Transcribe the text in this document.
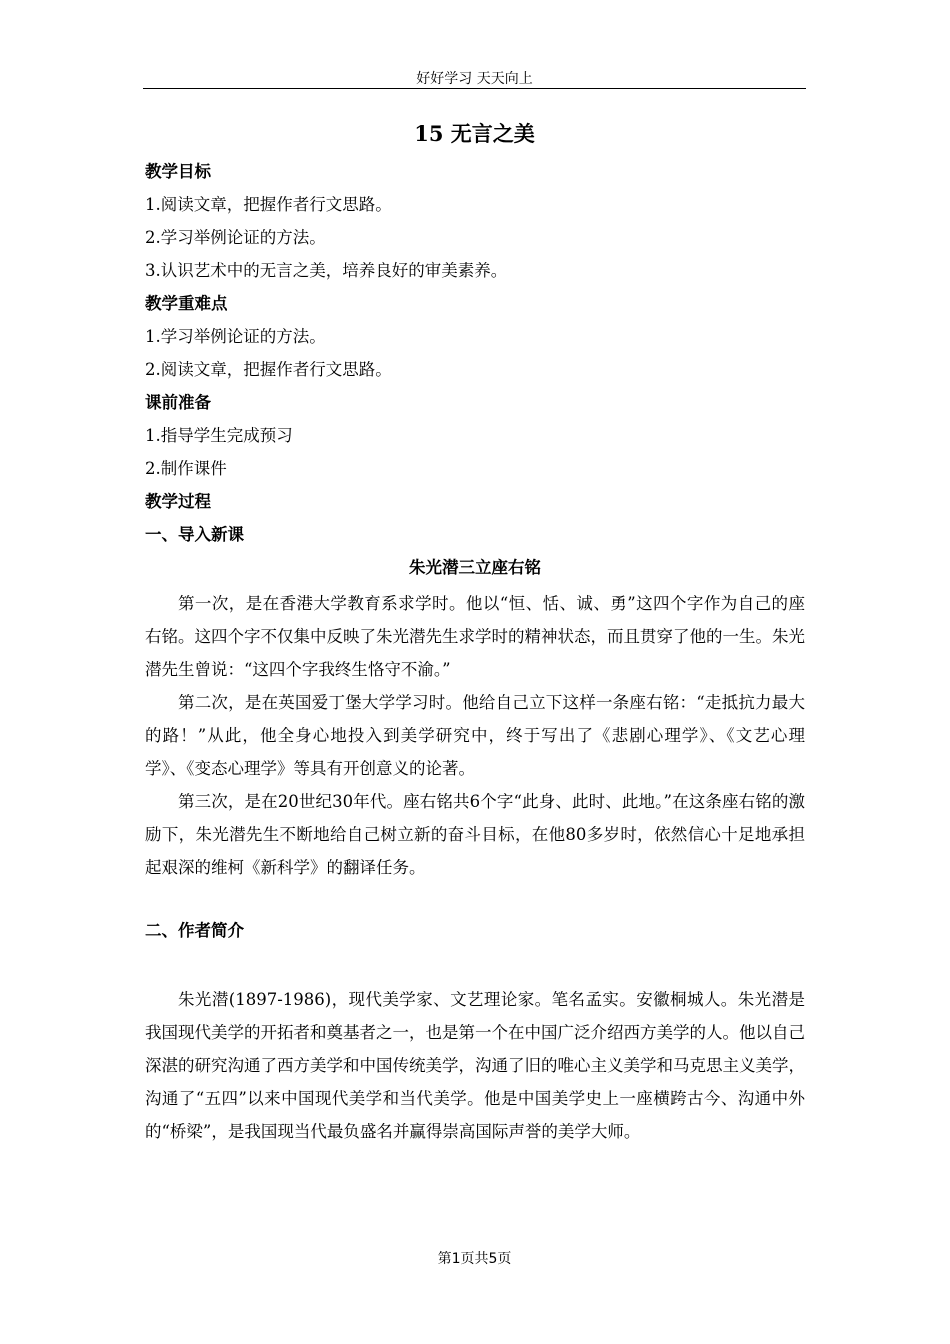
好好学习 天天向上
15 无言之美
教学目标
1.阅读文章，把握作者行文思路。
2.学习举例论证的方法。
3.认识艺术中的无言之美，培养良好的审美素养。
教学重难点
1.学习举例论证的方法。
2.阅读文章，把握作者行文思路。
课前准备
1.指导学生完成预习
2.制作课件
教学过程
一、导入新课
朱光潜三立座右铭

第一次，是在香港大学教育系求学时。他以“恒、恬、诚、勇”这四个字作为自己的座右铭。这四个字不仅集中反映了朱光潜先生求学时的精神状态，而且贯穿了他的一生。朱光潜先生曾说：“这四个字我终生恪守不渝。”

第二次，是在英国爱丁堡大学学习时。他给自己立下这样一条座右铭：“走抵抗力最大的路！”从此，他全身心地投入到美学研究中，终于写出了《悲剧心理学》、《文艺心理学》、《变态心理学》等具有开创意义的论著。

第三次，是在20世纪30年代。座右铭共6个字“此身、此时、此地。”在这条座右铭的激励下，朱光潜先生不断地给自己树立新的奋斗目标，在他80多岁时，依然信心十足地承担起艰深的维柯《新科学》的翻译任务。

二、作者简介

朱光潜(1897-1986)，现代美学家、文艺理论家。笔名孟实。安徽桐城人。朱光潜是我国现代美学的开拓者和奠基者之一，也是第一个在中国广泛介绍西方美学的人。他以自己深湛的研究沟通了西方美学和中国传统美学，沟通了旧的唯心主义美学和马克思主义美学，沟通了“五四”以来中国现代美学和当代美学。他是中国美学史上一座横跨古今、沟通中外的“桥梁”，是我国现当代最负盛名并赢得崇高国际声誉的美学大师。

第1页共5页
